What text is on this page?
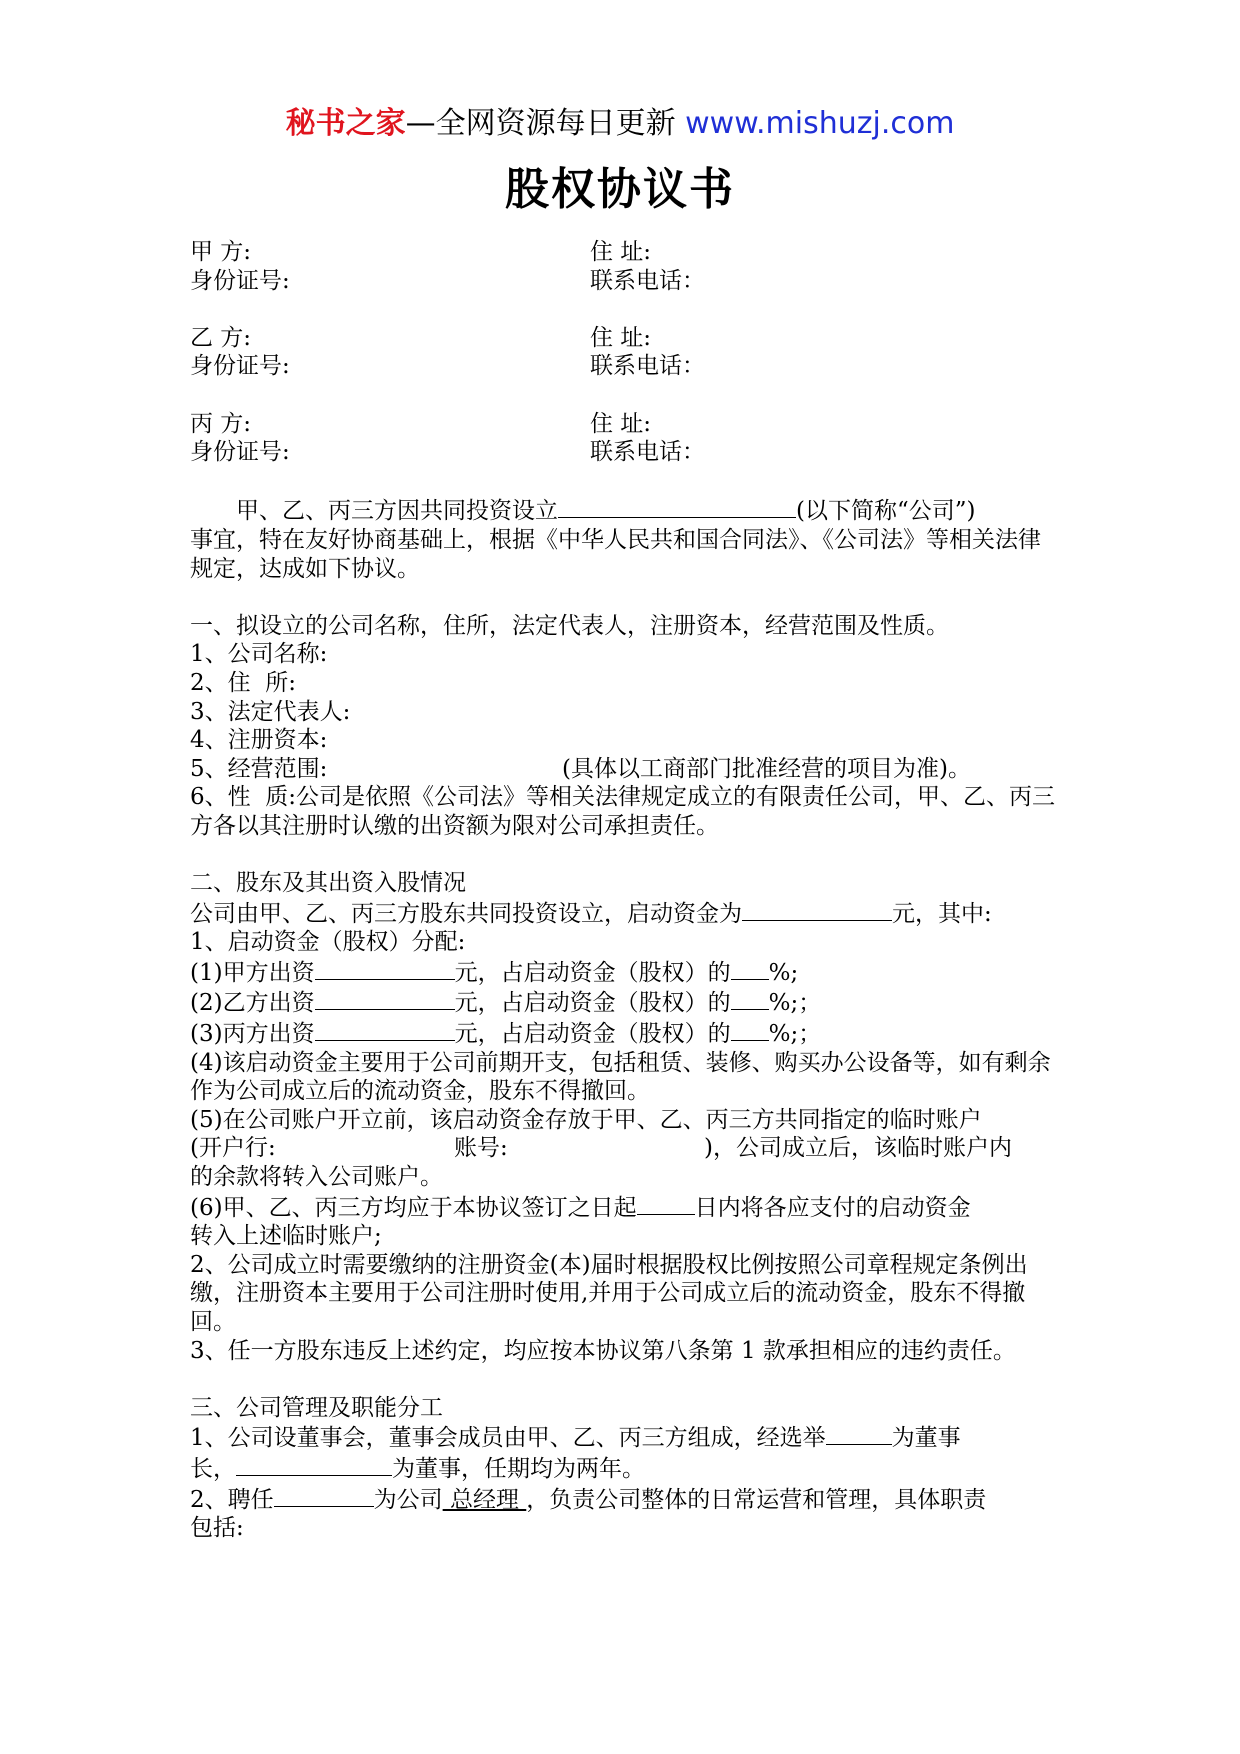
秘书之家—全网资源每日更新 www.mishuzj.com
股权协议书
甲 方:	住 址:
身份证号:	联系电话：
乙 方:	住 址:
身份证号:	联系电话：
丙 方:	住 址:
身份证号:	联系电话：
甲、乙、丙三方因共同投资设立	(以下简称“公司”)
事宜，特在友好协商基础上，根据《中华人民共和国合同法》、《公司法》等相关法律规定，达成如下协议。
一、拟设立的公司名称，住所，法定代表人，注册资本，经营范围及性质。
1、公司名称:
2、住  所:
3、法定代表人:
4、注册资本:
5、经营范围:	(具体以工商部门批准经营的项目为准)。
6、性  质:公司是依照《公司法》等相关法律规定成立的有限责任公司，甲、乙、丙三方各以其注册时认缴的出资额为限对公司承担责任。
二、股东及其出资入股情况
公司由甲、乙、丙三方股东共同投资设立，启动资金为	元，其中:
1、启动资金（股权）分配:
(1)甲方出资	元，占启动资金（股权）的 %;
(2)乙方出资	元，占启动资金（股权）的 %;；
(3)丙方出资	元，占启动资金（股权）的 %;；
(4)该启动资金主要用于公司前期开支，包括租赁、装修、购买办公设备等，如有剩余作为公司成立后的流动资金，股东不得撤回。
(5)在公司账户开立前，该启动资金存放于甲、乙、丙三方共同指定的临时账户
(开户行:	账号:	)，公司成立后，该临时账户内
的余款将转入公司账户。
(6)甲、乙、丙三方均应于本协议签订之日起	日内将各应支付的启动资金
转入上述临时账户;
2、公司成立时需要缴纳的注册资金(本)届时根据股权比例按照公司章程规定条例出缴，注册资本主要用于公司注册时使用,并用于公司成立后的流动资金，股东不得撤回。
3、任一方股东违反上述约定，均应按本协议第八条第 1 款承担相应的违约责任。
三、公司管理及职能分工
1、公司设董事会，董事会成员由甲、乙、丙三方组成，经选举	为董事
长，	为董事，任期均为两年。
2、聘任	为公司 总经理 ，负责公司整体的日常运营和管理，具体职责
包括:
